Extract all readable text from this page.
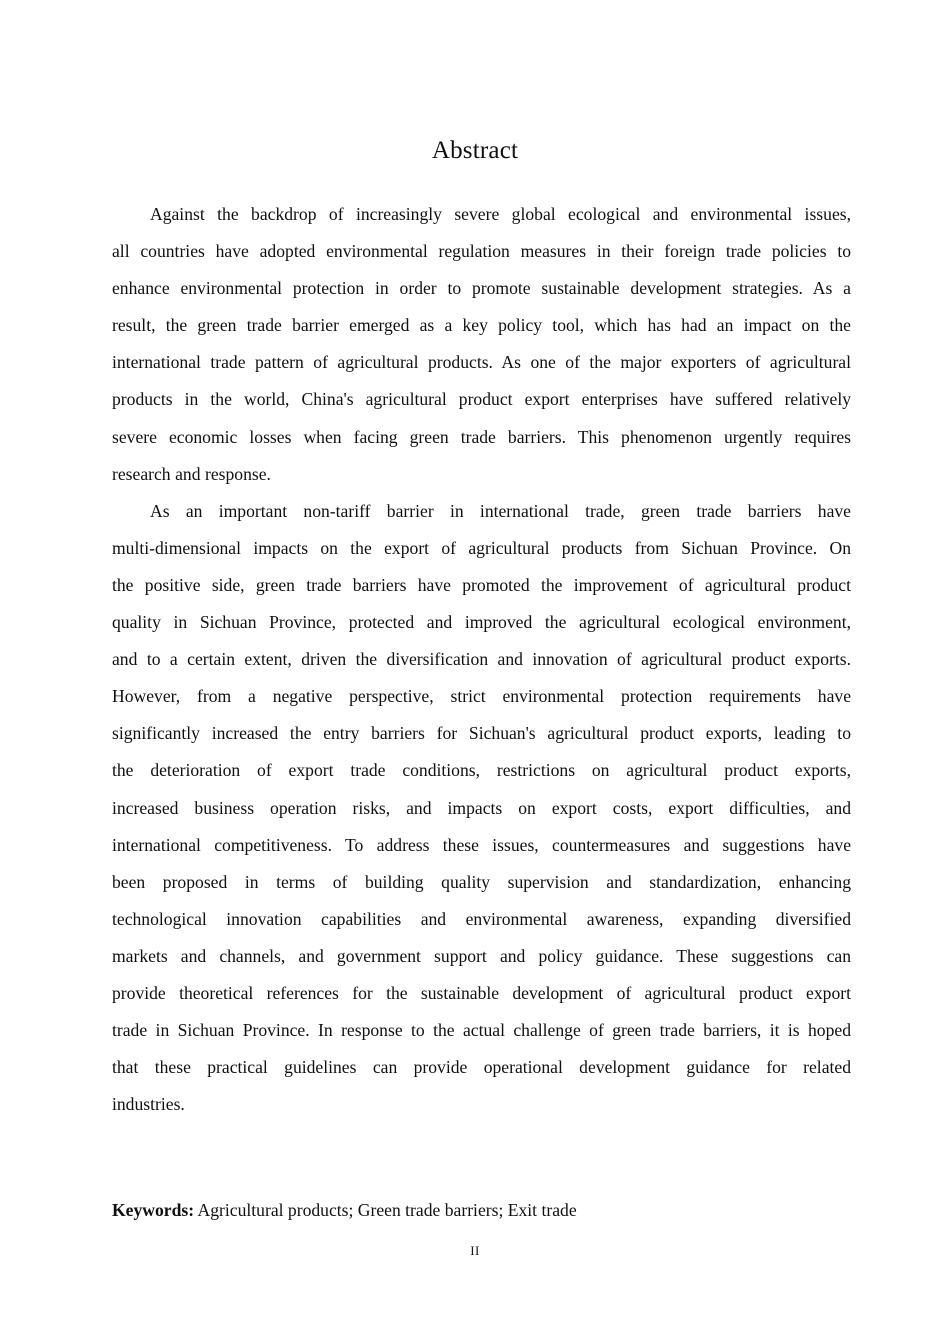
Abstract

Against the backdrop of increasingly severe global ecological and environmental issues,
all countries have adopted environmental regulation measures in their foreign trade policies to
enhance environmental protection in order to promote sustainable development strategies. As a
result, the green trade barrier emerged as a key policy tool, which has had an impact on the
international trade pattern of agricultural products. As one of the major exporters of agricultural
products in the world, China's agricultural product export enterprises have suffered relatively
severe economic losses when facing green trade barriers. This phenomenon urgently requires
research and response.

As an important non-tariff barrier in international trade, green trade barriers have
multi-dimensional impacts on the export of agricultural products from Sichuan Province. On
the positive side, green trade barriers have promoted the improvement of agricultural product
quality in Sichuan Province, protected and improved the agricultural ecological environment,
and to a certain extent, driven the diversification and innovation of agricultural product exports.
However, from a negative perspective, strict environmental protection requirements have
significantly increased the entry barriers for Sichuan's agricultural product exports, leading to
the deterioration of export trade conditions, restrictions on agricultural product exports,
increased business operation risks, and impacts on export costs, export difficulties, and
international competitiveness. To address these issues, countermeasures and suggestions have
been proposed in terms of building quality supervision and standardization, enhancing
technological innovation capabilities and environmental awareness, expanding diversified
markets and channels, and government support and policy guidance. These suggestions can
provide theoretical references for the sustainable development of agricultural product export
trade in Sichuan Province. In response to the actual challenge of green trade barriers, it is hoped
that these practical guidelines can provide operational development guidance for related
industries.

Keywords: Agricultural products; Green trade barriers; Exit trade

II
